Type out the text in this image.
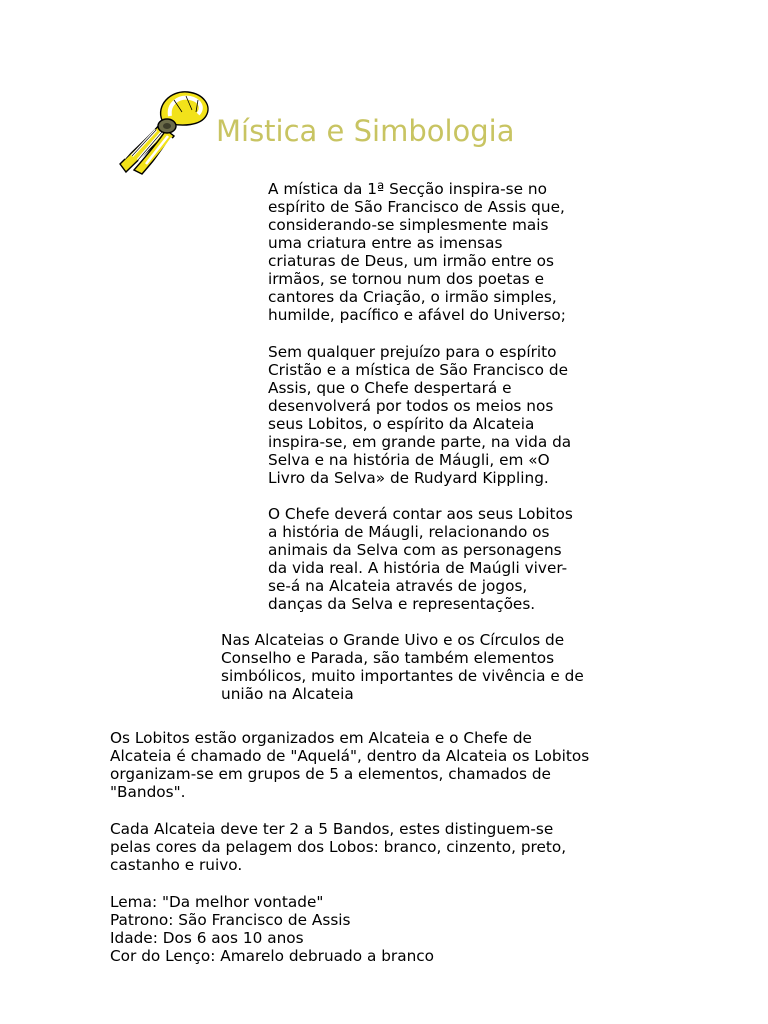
Mística e Simbologia

A mística da 1ª Secção inspira-se no
espírito de São Francisco de Assis que,
considerando-se simplesmente mais
uma criatura entre as imensas
criaturas de Deus, um irmão entre os
irmãos, se tornou num dos poetas e
cantores da Criação, o irmão simples,
humilde, pacífico e afável do Universo;

Sem qualquer prejuízo para o espírito
Cristão e a mística de São Francisco de
Assis, que o Chefe despertará e
desenvolverá por todos os meios nos
seus Lobitos, o espírito da Alcateia
inspira-se, em grande parte, na vida da
Selva e na história de Máugli, em «O
Livro da Selva» de Rudyard Kippling.

O Chefe deverá contar aos seus Lobitos
a história de Máugli, relacionando os
animais da Selva com as personagens
da vida real. A história de Maúgli viver-
se-á na Alcateia através de jogos,
danças da Selva e representações.

Nas Alcateias o Grande Uivo e os Círculos de
Conselho e Parada, são também elementos
simbólicos, muito importantes de vivência e de
união na Alcateia

Os Lobitos estão organizados em Alcateia e o Chefe de
Alcateia é chamado de "Aquelá", dentro da Alcateia os Lobitos
organizam-se em grupos de 5 a elementos, chamados de
"Bandos".

Cada Alcateia deve ter 2 a 5 Bandos, estes distinguem-se
pelas cores da pelagem dos Lobos: branco, cinzento, preto,
castanho e ruivo.

Lema: "Da melhor vontade"
Patrono: São Francisco de Assis
Idade: Dos 6 aos 10 anos
Cor do Lenço: Amarelo debruado a branco
